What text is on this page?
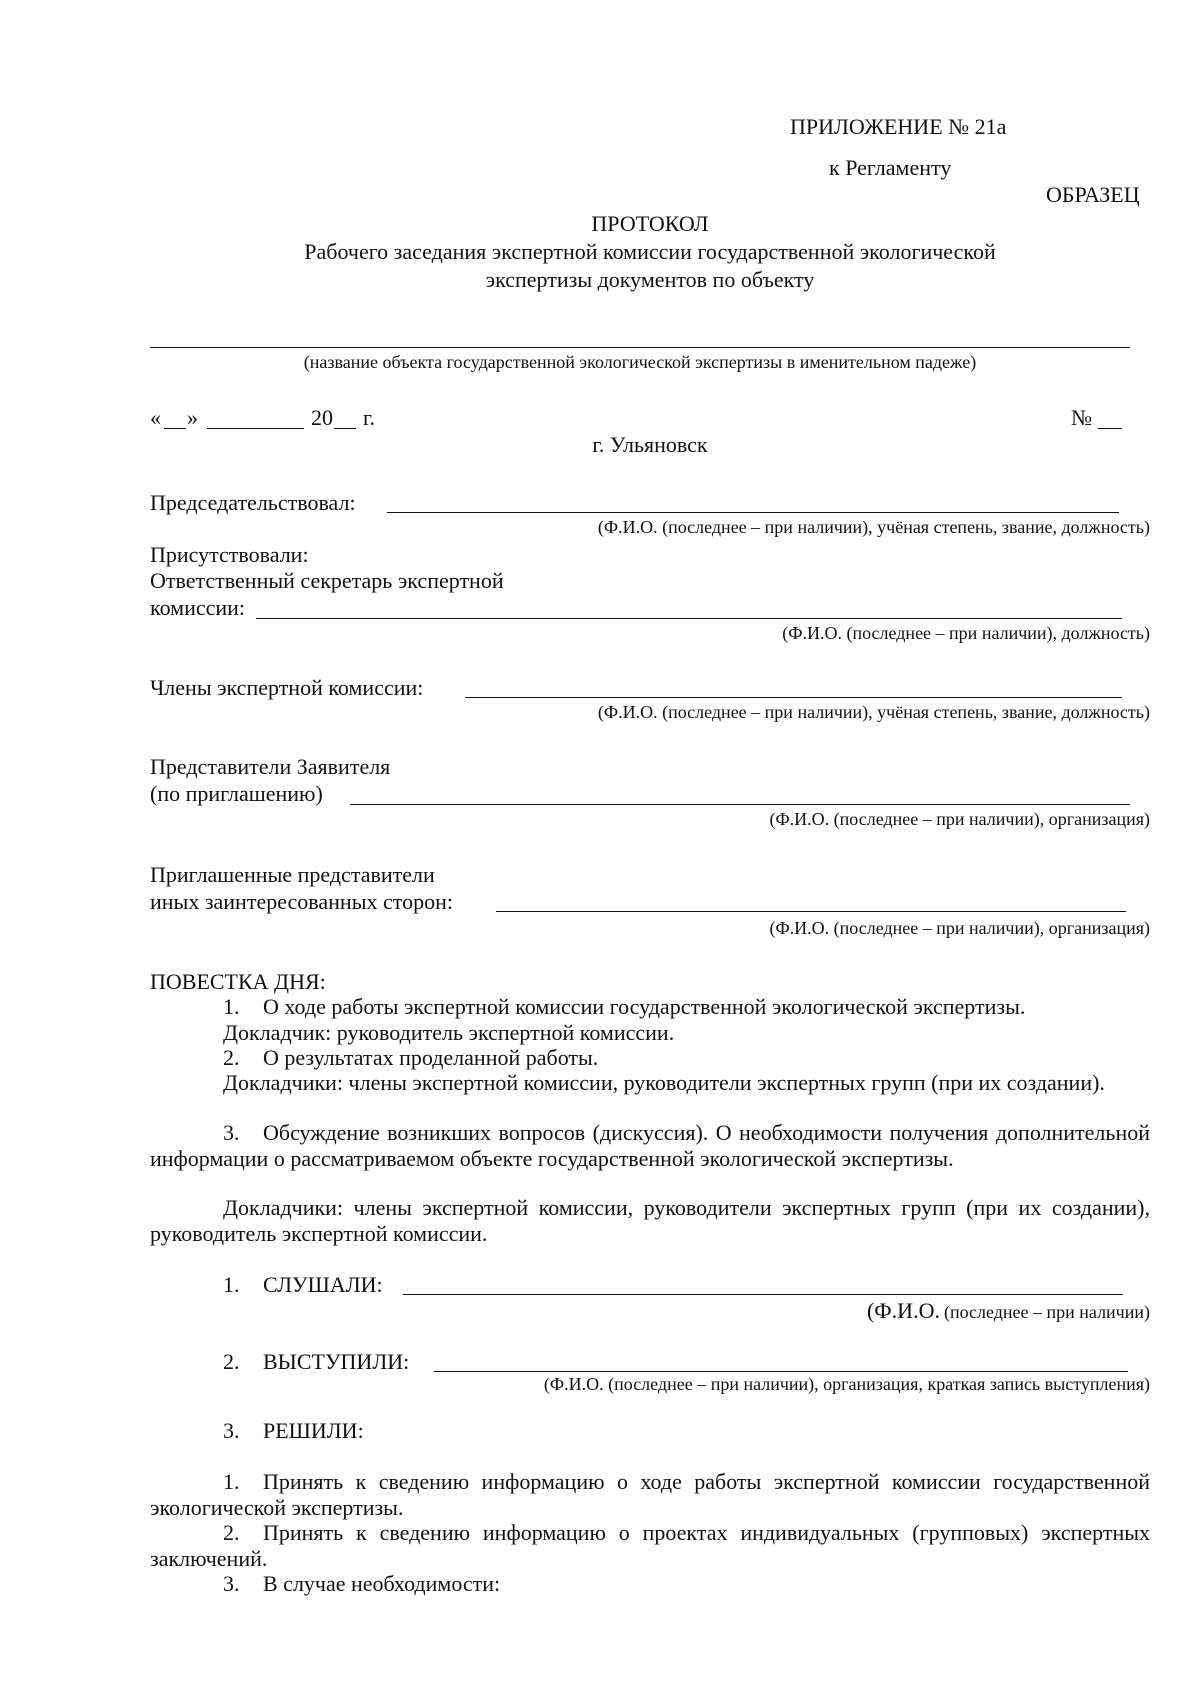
ПРИЛОЖЕНИЕ № 21а
к Регламенту
ОБРАЗЕЦ
ПРОТОКОЛ
Рабочего заседания экспертной комиссии государственной экологической
экспертизы документов по объекту
(название объекта государственной экологической экспертизы в именительном падеже)
« »	20 г.	№
г. Ульяновск
Председательствовал:
(Ф.И.О. (последнее – при наличии), учёная степень, звание, должность)
Присутствовали:
Ответственный секретарь экспертной
комиссии:
(Ф.И.О. (последнее – при наличии), должность)
Члены экспертной комиссии:
(Ф.И.О. (последнее – при наличии), учёная степень, звание, должность)
Представители Заявителя
(по приглашению)
(Ф.И.О. (последнее – при наличии), организация)
Приглашенные представители
иных заинтересованных сторон:
(Ф.И.О. (последнее – при наличии), организация)
ПОВЕСТКА ДНЯ:
1. О ходе работы экспертной комиссии государственной экологической экспертизы.
Докладчик: руководитель экспертной комиссии.
2. О результатах проделанной работы.
Докладчики: члены экспертной комиссии, руководители экспертных групп (при их создании).
3. Обсуждение возникших вопросов (дискуссия). О необходимости получения дополнительной информации о рассматриваемом объекте государственной экологической экспертизы.
Докладчики: члены экспертной комиссии, руководители экспертных групп (при их создании), руководитель экспертной комиссии.
1. СЛУШАЛИ:
(Ф.И.О. (последнее – при наличии)
2. ВЫСТУПИЛИ:
(Ф.И.О. (последнее – при наличии), организация, краткая запись выступления)
3. РЕШИЛИ:
1. Принять к сведению информацию о ходе работы экспертной комиссии государственной экологической экспертизы.
2. Принять к сведению информацию о проектах индивидуальных (групповых) экспертных заключений.
3. В случае необходимости:
